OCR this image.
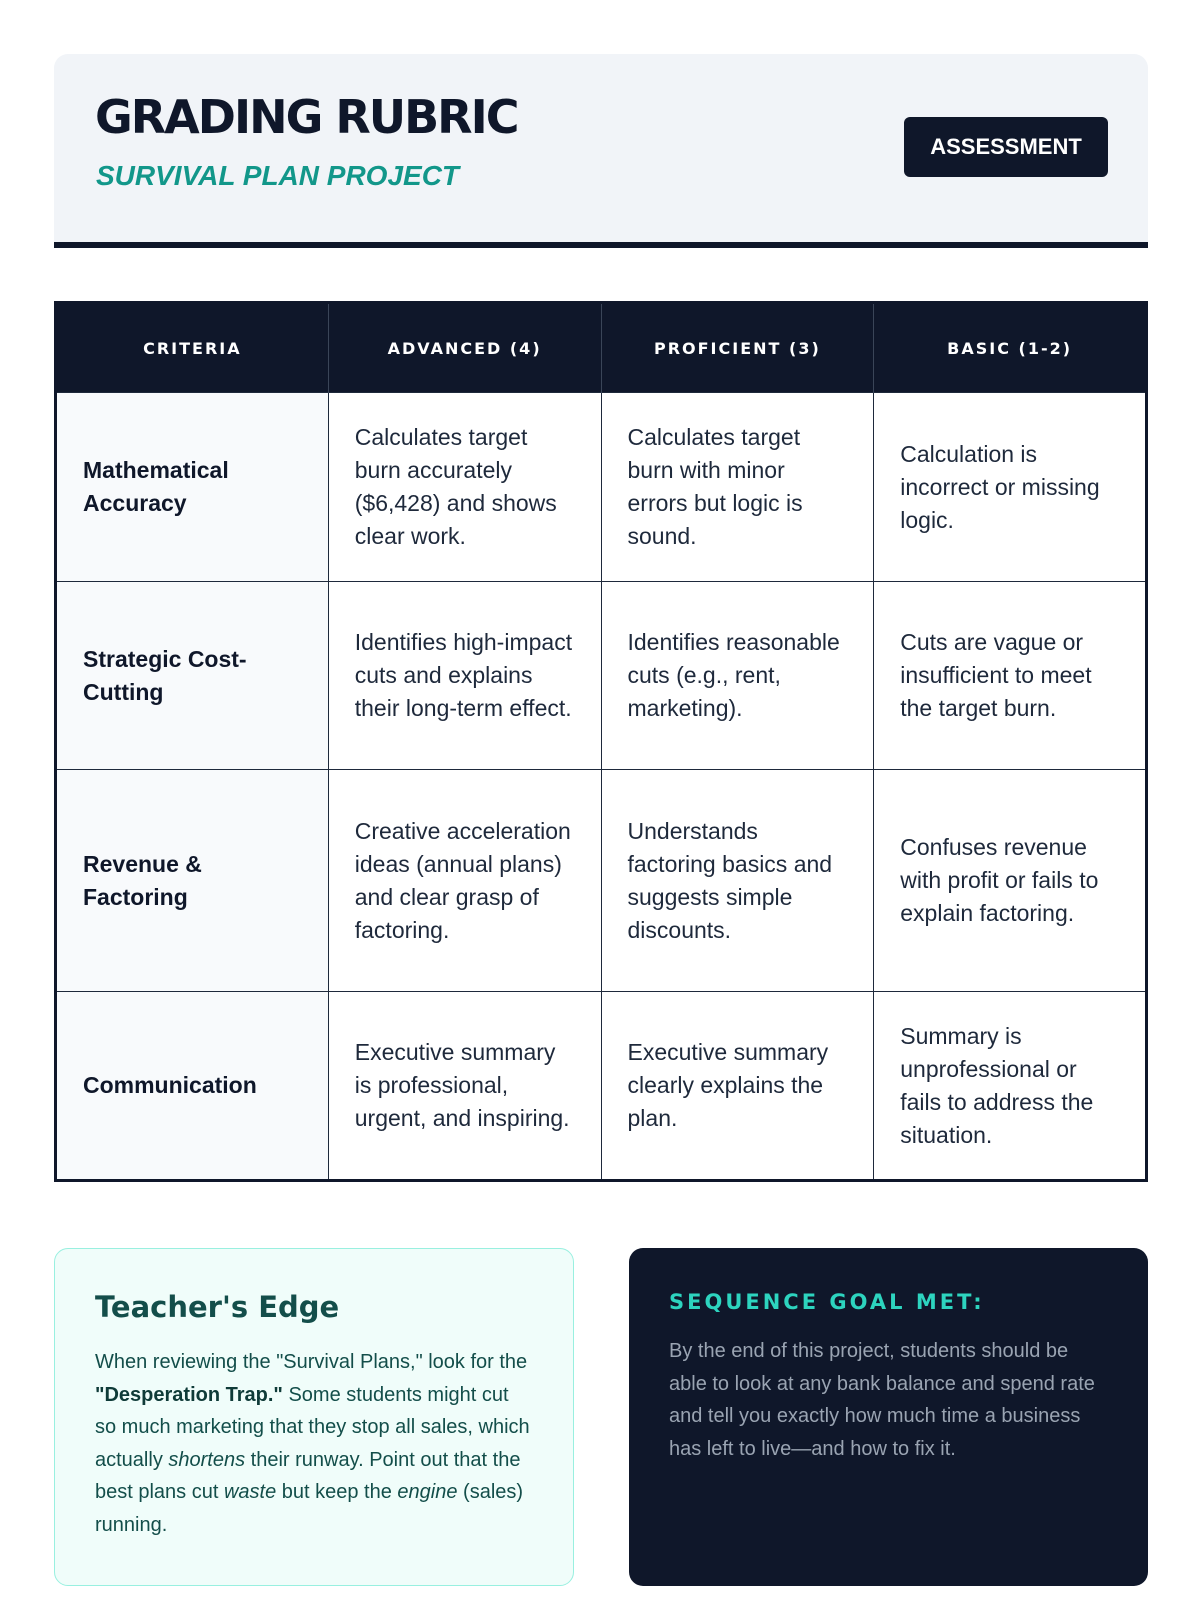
GRADING RUBRIC
SURVIVAL PLAN PROJECT
ASSESSMENT
CRITERIA	ADVANCED (4)	PROFICIENT (3)	BASIC (1-2)
Mathematical Accuracy	Calculates target burn accurately ($6,428) and shows clear work.	Calculates target burn with minor errors but logic is sound.	Calculation is incorrect or missing logic.
Strategic Cost-Cutting	Identifies high-impact cuts and explains their long-term effect.	Identifies reasonable cuts (e.g., rent, marketing).	Cuts are vague or insufficient to meet the target burn.
Revenue & Factoring	Creative acceleration ideas (annual plans) and clear grasp of factoring.	Understands factoring basics and suggests simple discounts.	Confuses revenue with profit or fails to explain factoring.
Communication	Executive summary is professional, urgent, and inspiring.	Executive summary clearly explains the plan.	Summary is unprofessional or fails to address the situation.
Teacher's Edge

When reviewing the "Survival Plans," look for the "Desperation Trap." Some students might cut so much marketing that they stop all sales, which actually shortens their runway. Point out that the best plans cut waste but keep the engine (sales) running.

SEQUENCE GOAL MET:

By the end of this project, students should be able to look at any bank balance and spend rate and tell you exactly how much time a business has left to live—and how to fix it.
